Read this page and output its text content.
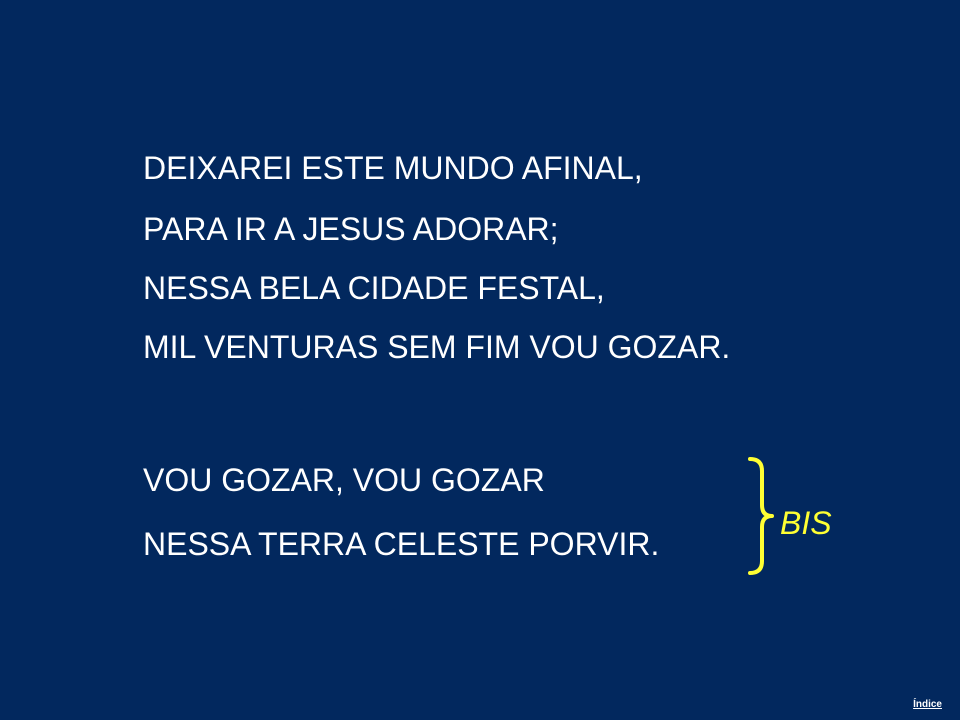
DEIXAREI ESTE MUNDO AFINAL,

PARA IR A JESUS ADORAR;

NESSA BELA CIDADE FESTAL,

MIL VENTURAS SEM FIM VOU GOZAR.

VOU GOZAR, VOU GOZAR

NESSA TERRA CELESTE PORVIR.

BIS
Índice
